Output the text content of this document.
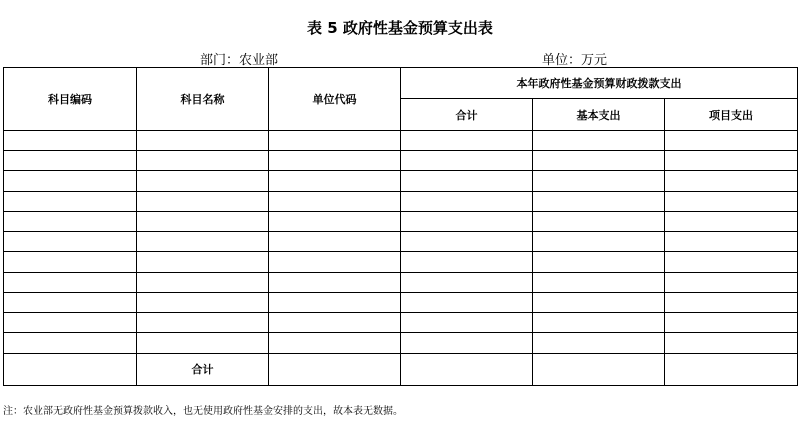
表 5 政府性基金预算支出表
部门：农业部	单位：万元
科目编码	科目名称	单位代码	本年政府性基金预算财政拨款支出		
			合计	基本支出	项目支出

	合计				
注：农业部无政府性基金预算拨款收入，也无使用政府性基金安排的支出，故本表无数据。
